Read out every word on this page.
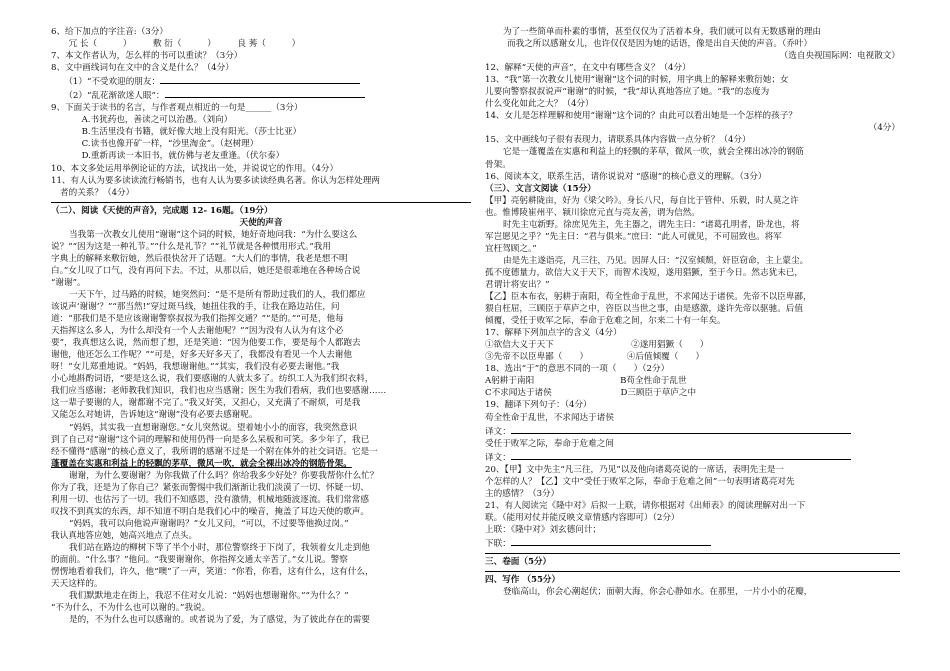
6、给下加点的字注音:（3分）
　冗 长（　　　）　　　敷 衍（　　　）　　　良 莠（　　　）
7、本文作者认为，怎么样的书可以重读？（3分）
8、文中画线词句在文中的含义是什么？（4分）
　（1）“不受欢迎的朋友：
　（2）“乱花渐欲迷人眼”：
9、下面关于读书的名言，与作者观点相近的一句是______（3分）
　A.书犹药也，善读之可以治愚。（刘向）
　B.生活里没有书籍，就好像大地上没有阳光。（莎士比亚）
　C.读书也像开矿一样，“沙里淘金”。（赵树理）
　D.重新再读一本旧书，就仿佛与老友重逢。（伏尔泰）
10、本文多处运用举例论证的方法，试找出一处，并说说它的作用。（4分）
11、有人认为要多读读流行畅销书，也有人认为要多读读经典名著。你认为怎样处理两
者的关系？（4分）
（二）、阅读《天使的声音》，完成题 12- 16题。（19分）
天使的声音
当我第一次教女儿使用“谢谢”这个词的时候，她好奇地问我：“为什么要这么
说？”“因为这是一种礼节。”“什么是礼节？”“礼节就是各种惯用形式。”我用
字典上的解释来敷衍她，然后很快岔开了话题。“大人们的事情，我老是想不明
白。”女儿叹了口气，没有再问下去。不过，从那以后，她还是很乖地在各种场合说
“谢谢”。
一天下午，过马路的时候，她突然问：“是不是所有帮助过我们的人，我们都应
该说声‘谢谢’？”“那当然!”穿过斑马线，她扭住我的手，让我在路边站住，问
道：“那我们是不是应该谢谢警察叔叔为我们指挥交通？”“是的。”“可是，他每
天指挥这么多人，为什么却没有一个人去谢他呢？”“因为没有人认为有这个必
要”，我真想这么说，然而想了想，还是笑道：“因为他要工作，要是每个人都跑去
谢他，他还怎么工作呢？”“可是，好多天好多天了，我都没有看见一个人去谢他
呀！”女儿郑重地说。“妈妈，我想谢谢他。”“其实，我们没有必要去谢他。”我
小心地斟酌词语，“要是这么说，我们要感谢的人就太多了。纺织工人为我们织衣料，
我们应当感谢；老师教我们知识，我们也应当感谢；医生为我们看病，我们也要感谢……
这一辈子要谢的人，谢都谢不完了。”我又好笑，又担心，又充满了不耐烦，可是我
又能怎么对她讲，告诉她这“谢谢”没有必要去感谢呢。
“妈妈，其实我一直想谢谢您。”女儿突然说。望着她小小的面容，我突然意识
到了自己对“谢谢”这个词的理解和使用仍得一向是多么呆板和可笑。多少年了，我已
经不懂得“感谢”的核心意义了，我所谓的感谢不过是一个附在体外的社交词语。它是一
蓬覆盖在实惠和利益上的轻飘的茅草，微风一吹，就会全裸出冰冷的钢筋骨架。
谢谢，为什么要谢谢？为你我做了什么吗？你给我多少好处？你要我帮你什么忙？
你为了我，还是为了你自己？紧张而警惕中我们渐渐让我们淡漠了一切、怀疑一切、
利用一切、也估污了一切。我们不知感恩，没有激情，机械地随波逐流。我们常常感
叹找不到真实的东西，却不知道不明白是我们心中的噪音，掩盖了耳边天使的歌声。
“妈妈，我可以向他说声谢谢吗？”女儿又问，“可以，不过要等他换过岗。”
我认真地答应她，她高兴地点了点头。
我们站在路边的柳树下等了半个小时，那位警察终于下岗了，我领着女儿走到他
的面前。“什么事？”他问。“我要谢谢你，你指挥交通太辛苦了。”女儿说。警察
愣愣地看着我们，许久，他“噢”了一声，笑道：“你看，你看，这有什么，这有什么，
天天这样的。
我们默默地走在街上，我忍不住对女儿说：“妈妈也想谢谢你。”“为什么？”
“不为什么，不为什么也可以谢的。”我说。
是的，不为什么也可以感谢的。或者说为了爱，为了感觉，为了彼此存在的需要
为了一些简单而朴素的事情，甚至仅仅为了活着本身，我们就可以有无数感谢的理由
而我之所以感谢女儿，也许仅仅是因为她的话语，像是出自天使的声音。（乔叶）
（选自央视国际网：电视散文）
12、解释“天使的声音”，在文中有哪些含义？（4分）
13、“我”第一次教女儿使用“谢谢”这个词的时候，用字典上的解释来敷衍她；女
儿要向警察叔叔说声“谢谢”的时候，“我”却认真地答应了她。“我”的态度为
什么变化如此之大？（4分）
14、女儿是怎样理解和使用“谢谢”这个词的？由此可以看出她是一个怎样的孩子？
（4分）
15、文中画线句子很有表现力，请联系具体内容做一点分析？（4分）
它是一蓬覆盖在实惠和利益上的轻飘的茅草，微风一吹，就会全裸出冰冷的钢筋
骨架。
16、阅读本文，联系生活，请你说说对 “感谢”的核心意义的理解。（3分）
（三）、文言文阅读（15分）
【甲】亮躬耕陇亩，好为《梁父吟》。身长八尺，每自比于管仲、乐毅，时人莫之许
也。惟博陵崔州平、颍川徐庶元直与亮友善，谓为信然。
时先主屯新野。徐庶见先主，先主器之，谓先主曰：“诸葛孔明者，卧龙也，将
军岂愿见之乎？”先主曰：“君与俱来。”庶曰：“此人可就见，不可屈致也。将军
宜枉驾顾之。”
由是先主遂诣亮，凡三往，乃见。因屏人曰：“汉室倾颓，奸臣窃命，主上蒙尘。
孤不度德量力，欲信大义于天下，而智术浅短，遂用猖獗，至于今日。然志犹未已，
君谓计将安出？”
【乙】臣本布衣，躬耕于南阳，苟全性命于乱世，不求闻达于诸侯。先帝不以臣卑鄙，
猥自枉屈，三顾臣于草庐之中，咨臣以当世之事，由是感激，遂许先帝以驱驰。后值
倾覆，受任于败军之际，奉命于危难之间，尔来二十有一年矣。
17、解释下列加点字的含义（4分）
①欲信大义于天下　　　　　　　　　②遂用猖獗（　　）
③先帝不以臣卑鄙（　　）　　　　　④后值倾覆（　　）
18、选出“于”的意思不同的一项（　　）（2分）
A躬耕于南阳　　　　　　　　　　B苟全性命于乱世
C不求闻达于诸侯　　　　　　　　D三顾臣于草庐之中
19、翻译下列句子：（4分）
苟全性命于乱世，不求闻达于诸侯
译文：
受任于败军之际，奉命于危难之间
译文：
20、【甲】文中先主“凡三往，乃见”以及他向诸葛亮说的一席话，表明先主是一
个怎样的人？【乙】文中“受任于败军之际，奉命于危难之间”一句表明诸葛亮对先
主的感情？（3分）
21、有人阅读完《隆中对》后拟一上联，请你根据对《出师表》的阅读理解对出一下
联。（能用对仗并能反映文章情感内容即可）（2分）
上联：《隆中对》刘玄德问计；
下联：
三、卷面（5分）
四、写作 （55分）
登临高山，你会心潮起伏；面朝大海，你会心静如水。在那里，一片小小的花瓣，
